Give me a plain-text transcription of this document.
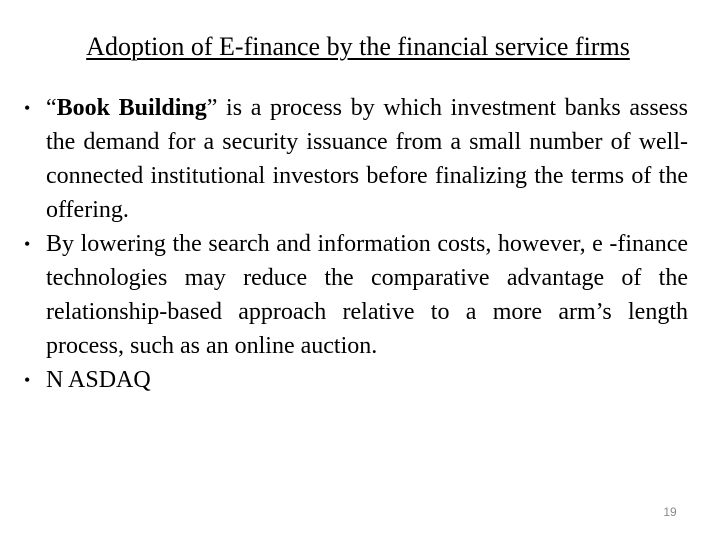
Adoption of E-finance by the financial service firms
• “Book Building” is a process by which investment banks assess the demand for a security issuance from a small number of well-connected institutional investors before finalizing the terms of the offering.
• By lowering the search and information costs, however, e -finance technologies may reduce the comparative advantage of the relationship-based approach relative to a more arm’s length process, such as an online auction.
• N ASDAQ
19
